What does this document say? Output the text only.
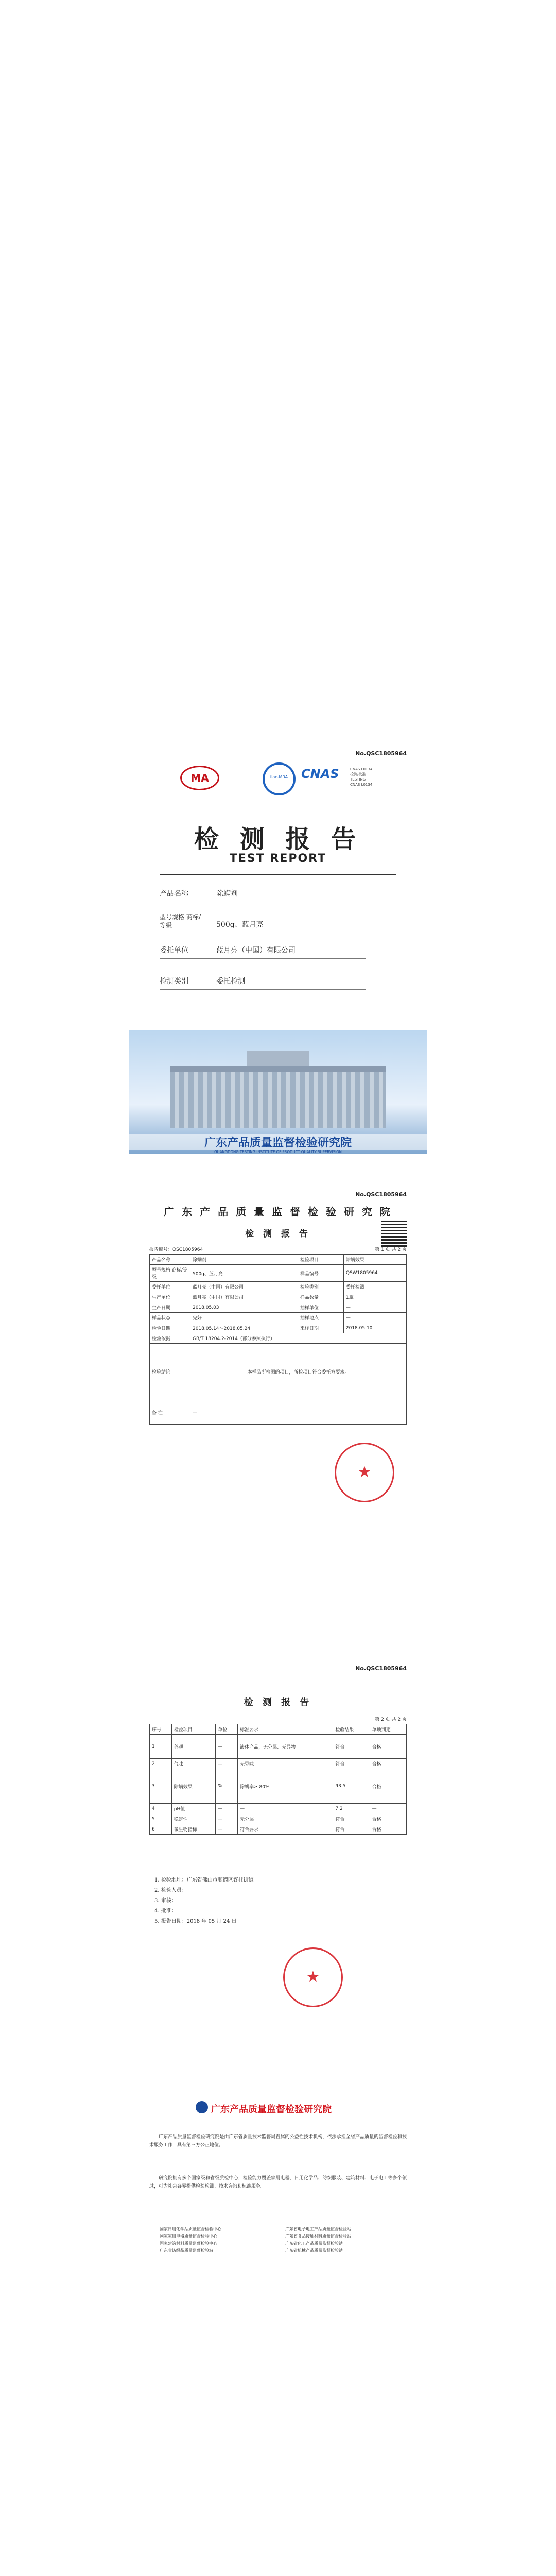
No.QSC1805964
MA	ilac-MRA	CNAS	CNAS L0134
检测/校准
TESTING
CNAS L0134
检 测 报 告
TEST REPORT
产品名称	除螨剂
型号规格 商标/等级	500g、蓝月亮
委托单位	蓝月亮（中国）有限公司
检测类别	委托检测
广东产品质量监督检验研究院
GUANGDONG TESTING INSTITUTE OF PRODUCT QUALITY SUPERVISION
No.QSC1805964
广 东 产 品 质 量 监 督 检 验 研 究 院
检 测 报 告
报告编号：QSC1805964	第 1 页 共 2 页
产品名称	除螨剂	检验项目	除螨效果
型号规格 商标/等级	500g、蓝月亮	样品编号	QSW1805964
委托单位	蓝月亮（中国）有限公司	检验类别	委托检测
生产单位	蓝月亮（中国）有限公司	样品数量	1瓶
生产日期	2018.05.03	抽样单位	—
样品状态	完好	抽样地点	—
检验日期	2018.05.14～2018.05.24	来样日期	2018.05.10
检验依据	GB/T 18204.2-2014（部分参照执行）		
检验结论	本样品所检测的项目，所检项目符合委托方要求。		
备 注	—		
★
No.QSC1805964
检 测 报 告
第 2 页 共 2 页
序号	检验项目	单位	标准要求	检验结果	单项判定
1	外观	—	液体产品，无分层、无异物	符合	合格
2	气味	—	无异味	符合	合格
3	除螨效果	%	除螨率≥ 80%	93.5	合格
4	pH值	—	—	7.2	—
5	稳定性	—	无分层	符合	合格
6	微生物指标	—	符合要求	符合	合格
1. 检验地址：广东省佛山市顺德区容桂街道
2. 检验人员：
3. 审核：
4. 批准：
5. 报告日期：2018 年 05 月 24 日
★
广东产品质量监督检验研究院
广东产品质量监督检验研究院是由广东省质量技术监督局直属的公益性技术机构，依法承担全省产品质量的监督检验和技术服务工作，具有第三方公正地位。
研究院拥有多个国家级和省级质检中心，检验能力覆盖家用电器、日用化学品、纺织服装、建筑材料、电子电工等多个领域，可为社会各界提供检验检测、技术咨询和标准服务。
国家日用化学品质量监督检验中心
国家家用电器质量监督检验中心
国家建筑材料质量监督检验中心
广东省纺织品质量监督检验站
广东省电子电工产品质量监督检验站
广东省食品接触材料质量监督检验站
广东省化工产品质量监督检验站
广东省机械产品质量监督检验站
